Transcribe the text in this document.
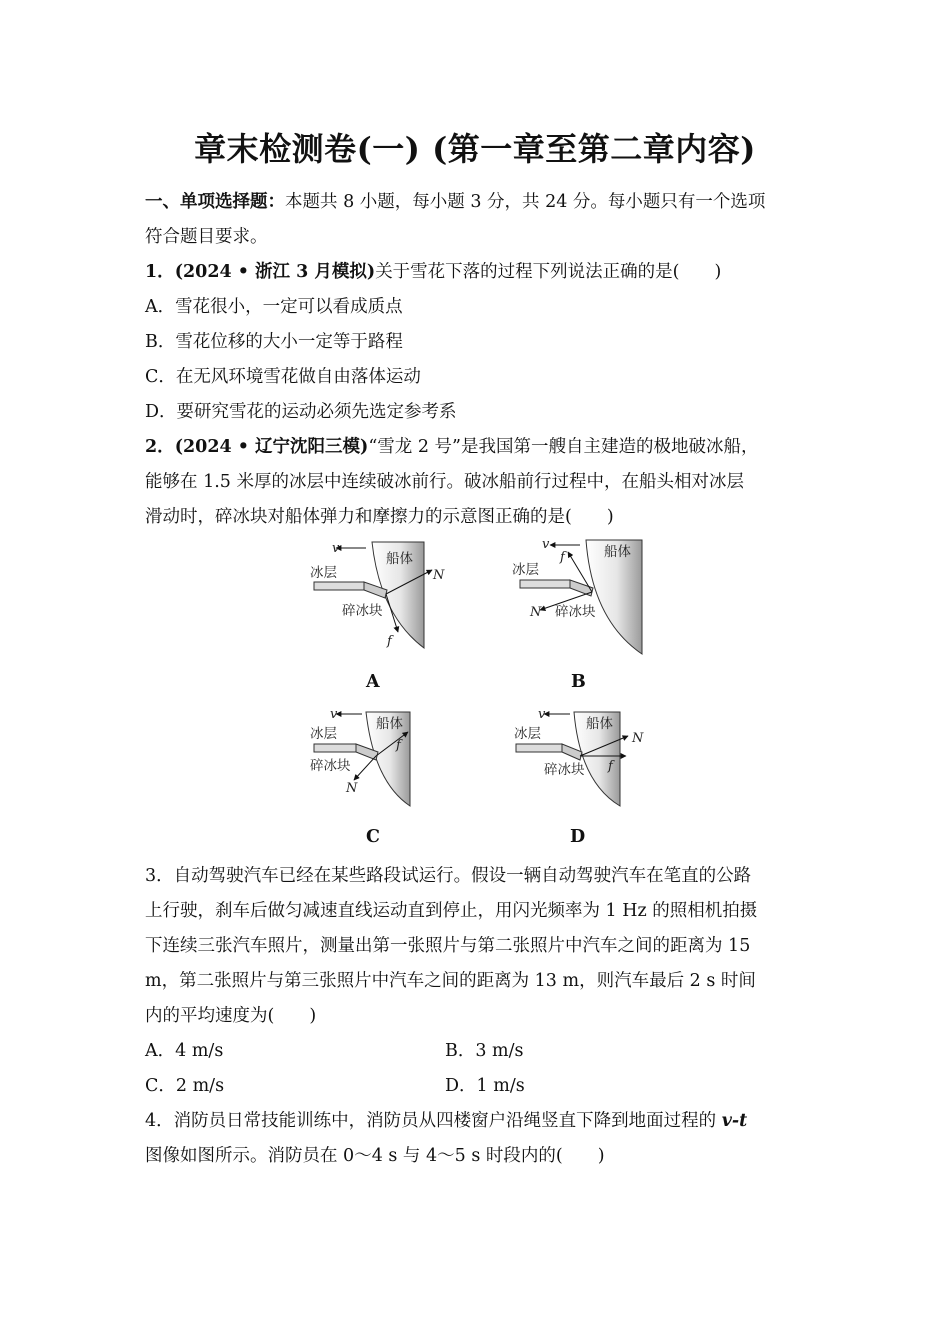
章末检测卷(一) (第一章至第二章内容)
一、单项选择题：本题共 8 小题，每小题 3 分，共 24 分。每小题只有一个选项
符合题目要求。
1．(2024 • 浙江 3 月模拟)关于雪花下落的过程下列说法正确的是(　　)
A．雪花很小，一定可以看成质点
B．雪花位移的大小一定等于路程
C．在无风环境雪花做自由落体运动
D．要研究雪花的运动必须先选定参考系
2．(2024 • 辽宁沈阳三模)“雪龙 2 号”是我国第一艘自主建造的极地破冰船，
能够在 1.5 米厚的冰层中连续破冰前行。破冰船前行过程中，在船头相对冰层
滑动时，碎冰块对船体弹力和摩擦力的示意图正确的是(　　)
v
船体
冰层	N
碎冰块
f
v	船体
冰层
f
N 碎冰块
v
船体
冰层
f
碎冰块
N
v
船体
冰层	N
f
碎冰块
A	B
C	D
3．自动驾驶汽车已经在某些路段试运行。假设一辆自动驾驶汽车在笔直的公路
上行驶，刹车后做匀减速直线运动直到停止，用闪光频率为 1 Hz 的照相机拍摄
下连续三张汽车照片，测量出第一张照片与第二张照片中汽车之间的距离为 15
m，第二张照片与第三张照片中汽车之间的距离为 13 m，则汽车最后 2 s 时间
内的平均速度为(　　)
A．4 m/s	B．3 m/s
C．2 m/s	D．1 m/s
4．消防员日常技能训练中，消防员从四楼窗户沿绳竖直下降到地面过程的 v-t
图像如图所示。消防员在 0～4 s 与 4～5 s 时段内的(　　)
